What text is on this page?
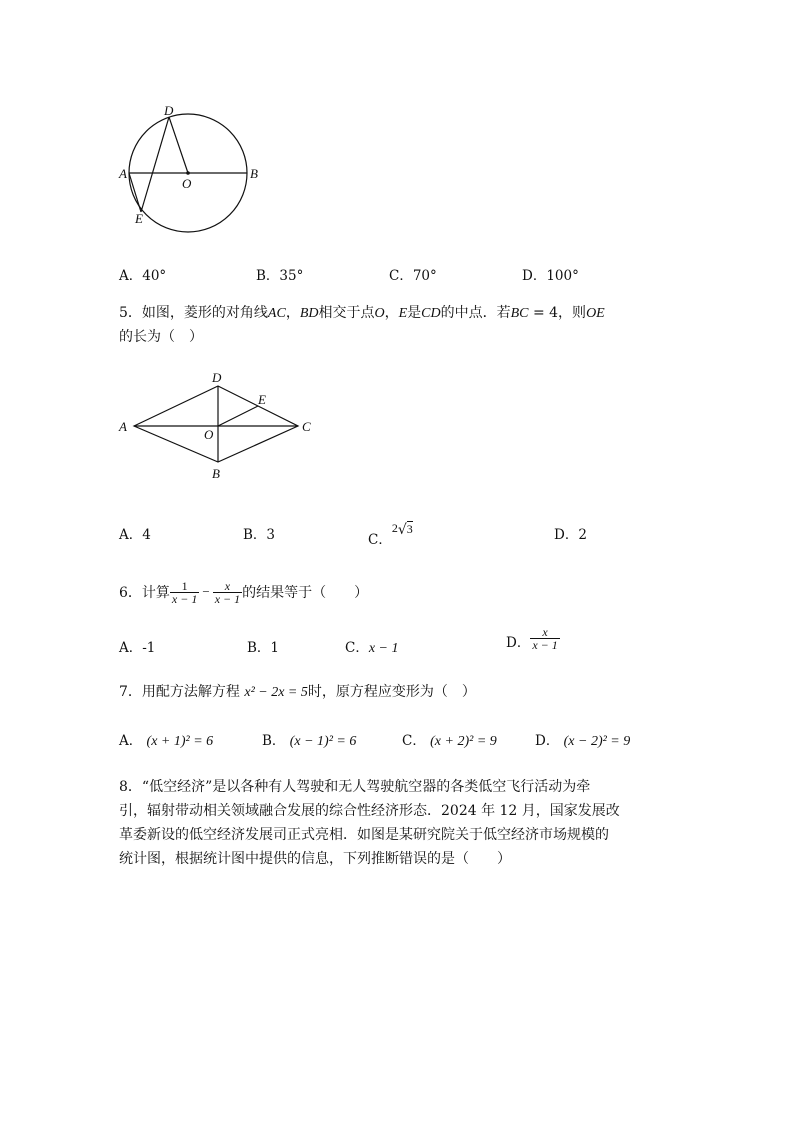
D
A
O
B
E
A．40°	B．35°	C．70°	D．100°
5．如图，菱形的对角线AC，BD相交于点O，E是CD的中点．若BC = 4，则OE
的长为（　）
D
E
A
O
C
B
A．4	B．3	C．2√3	D．2
6．计算 $\frac{1}{x - 1} - \frac{x}{x - 1}$ 的结果等于（　　）
A．-1	B．1	C．x − 1	D． $\frac{x}{x - 1}$
7．用配方法解方程 x² − 2x = 5时，原方程应变形为（　）
A． (x + 1)² = 6	B． (x − 1)² = 6	C． (x + 2)² = 9	D． (x − 2)² = 9
8．“低空经济”是以各种有人驾驶和无人驾驶航空器的各类低空飞行活动为牵
引，辐射带动相关领域融合发展的综合性经济形态．2024 年 12 月，国家发展改
革委新设的低空经济发展司正式亮相．如图是某研究院关于低空经济市场规模的
统计图，根据统计图中提供的信息，下列推断错误的是（　　）
